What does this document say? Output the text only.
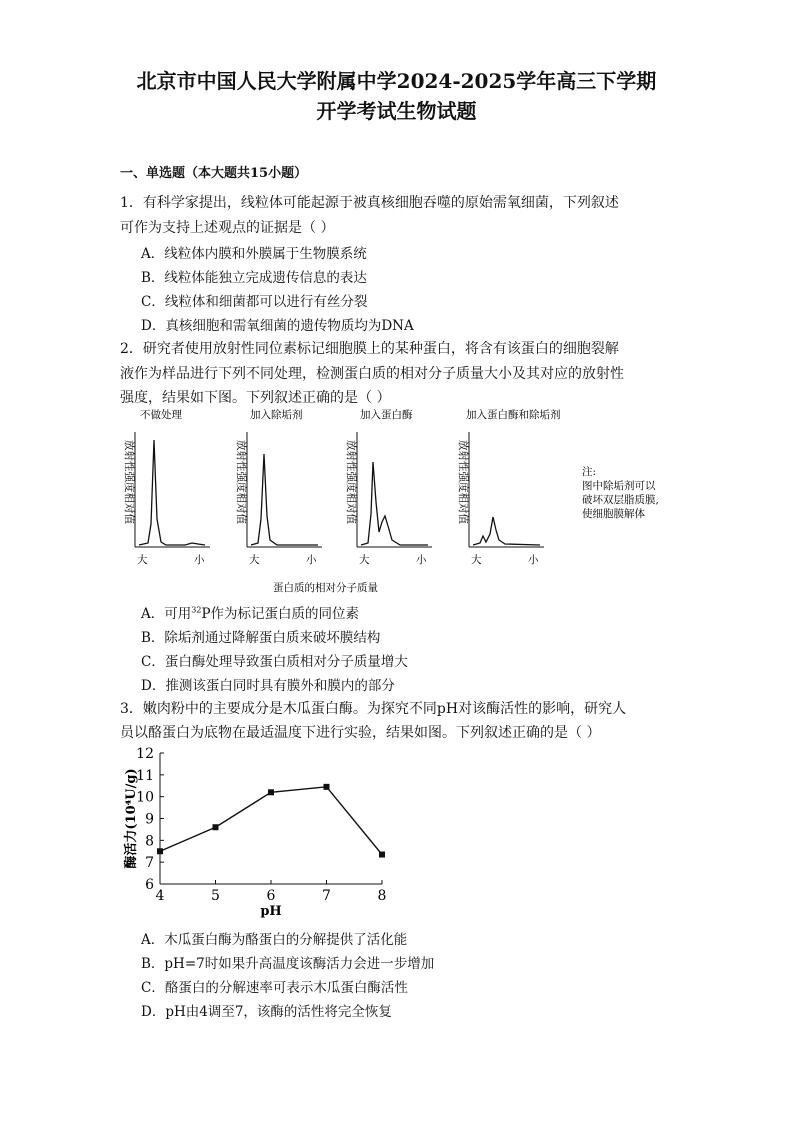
北京市中国人民大学附属中学2024-2025学年高三下学期
开学考试生物试题
一、单选题（本大题共15小题）
1．有科学家提出，线粒体可能起源于被真核细胞吞噬的原始需氧细菌，下列叙述
可作为支持上述观点的证据是（ ）
A．线粒体内膜和外膜属于生物膜系统
B．线粒体能独立完成遗传信息的表达
C．线粒体和细菌都可以进行有丝分裂
D．真核细胞和需氧细菌的遗传物质均为DNA
2．研究者使用放射性同位素标记细胞膜上的某种蛋白，将含有该蛋白的细胞裂解
液作为样品进行下列不同处理，检测蛋白质的相对分子质量大小及其对应的放射性
强度，结果如下图。下列叙述正确的是（ ）
不做处理	加入除垢剂	加入蛋白酶	加入蛋白酶和除垢剂
放射性强度相对值
大	小
放射性强度相对值
大	小
放射性强度相对值
大	小
放射性强度相对值
大	小
注:
图中除垢剂可以
破坏双层脂质膜,
使细胞膜解体
蛋白质的相对分子质量
A．可用$^{32}$P作为标记蛋白质的同位素
B．除垢剂通过降解蛋白质来破坏膜结构
C．蛋白酶处理导致蛋白质相对分子质量增大
D．推测该蛋白同时具有膜外和膜内的部分
3．嫩肉粉中的主要成分是木瓜蛋白酶。为探究不同pH对该酶活性的影响，研究人
员以酪蛋白为底物在最适温度下进行实验，结果如图。下列叙述正确的是（ ）
6
7
8
9
10
11
12
4	5	6	7	8
酶活力(10⁴U/g)
pH
A．木瓜蛋白酶为酪蛋白的分解提供了活化能
B．pH=7时如果升高温度该酶活力会进一步增加
C．酪蛋白的分解速率可表示木瓜蛋白酶活性
D．pH由4调至7，该酶的活性将完全恢复
